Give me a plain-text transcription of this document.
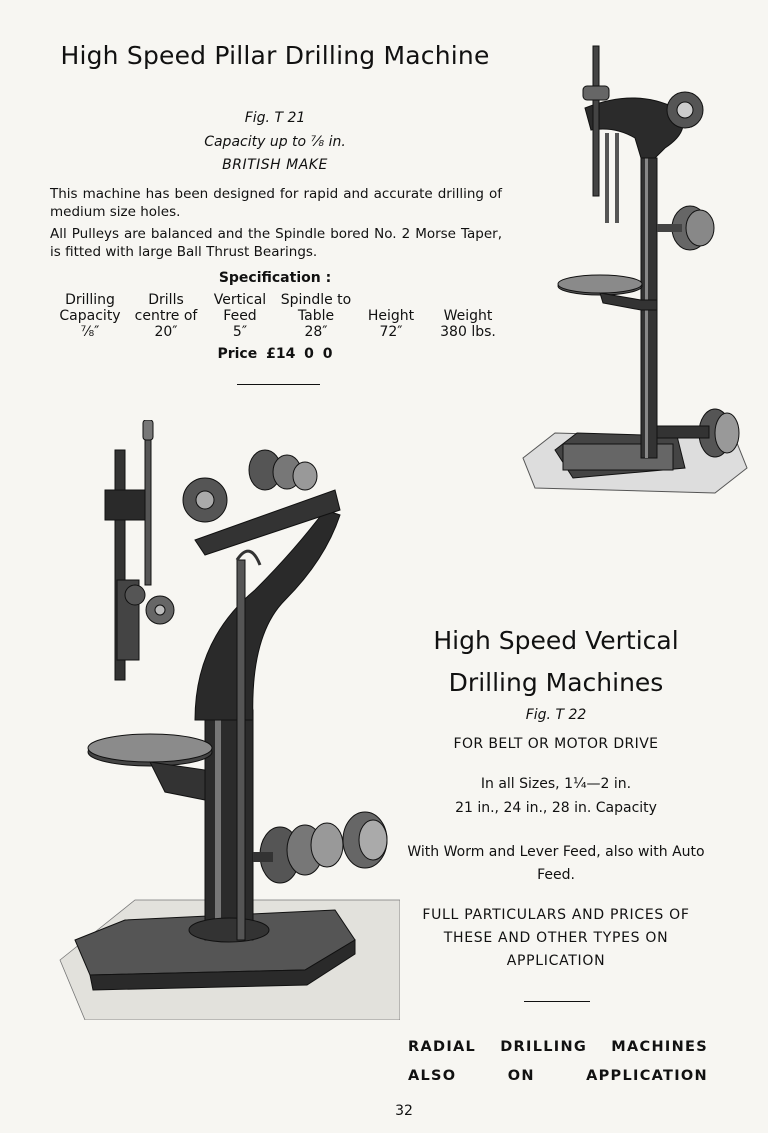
High Speed Pillar Drilling Machine
Fig. T 21
Capacity up to ⅞ in.
BRITISH MAKE
This machine has been designed for rapid and accurate drilling of medium size holes.
All Pulleys are balanced and the Spindle bored No. 2 Morse Taper, is fitted with large Ball Thrust Bearings.
Specification :
Drilling Capacity
⅞″
Drills centre of
20″
Vertical Feed
5″
Spindle to Table
28″
Height
72″
Weight
380 lbs.
Price £14 0 0
High Speed Vertical Drilling Machines
Fig. T 22
FOR BELT OR MOTOR DRIVE
In all Sizes, 1¼—2 in.
21 in., 24 in., 28 in. Capacity
With Worm and Lever Feed, also with Auto Feed.
FULL PARTICULARS AND PRICES OF THESE AND OTHER TYPES ON APPLICATION
RADIAL DRILLING MACHINES
ALSO	ON	APPLICATION
32
